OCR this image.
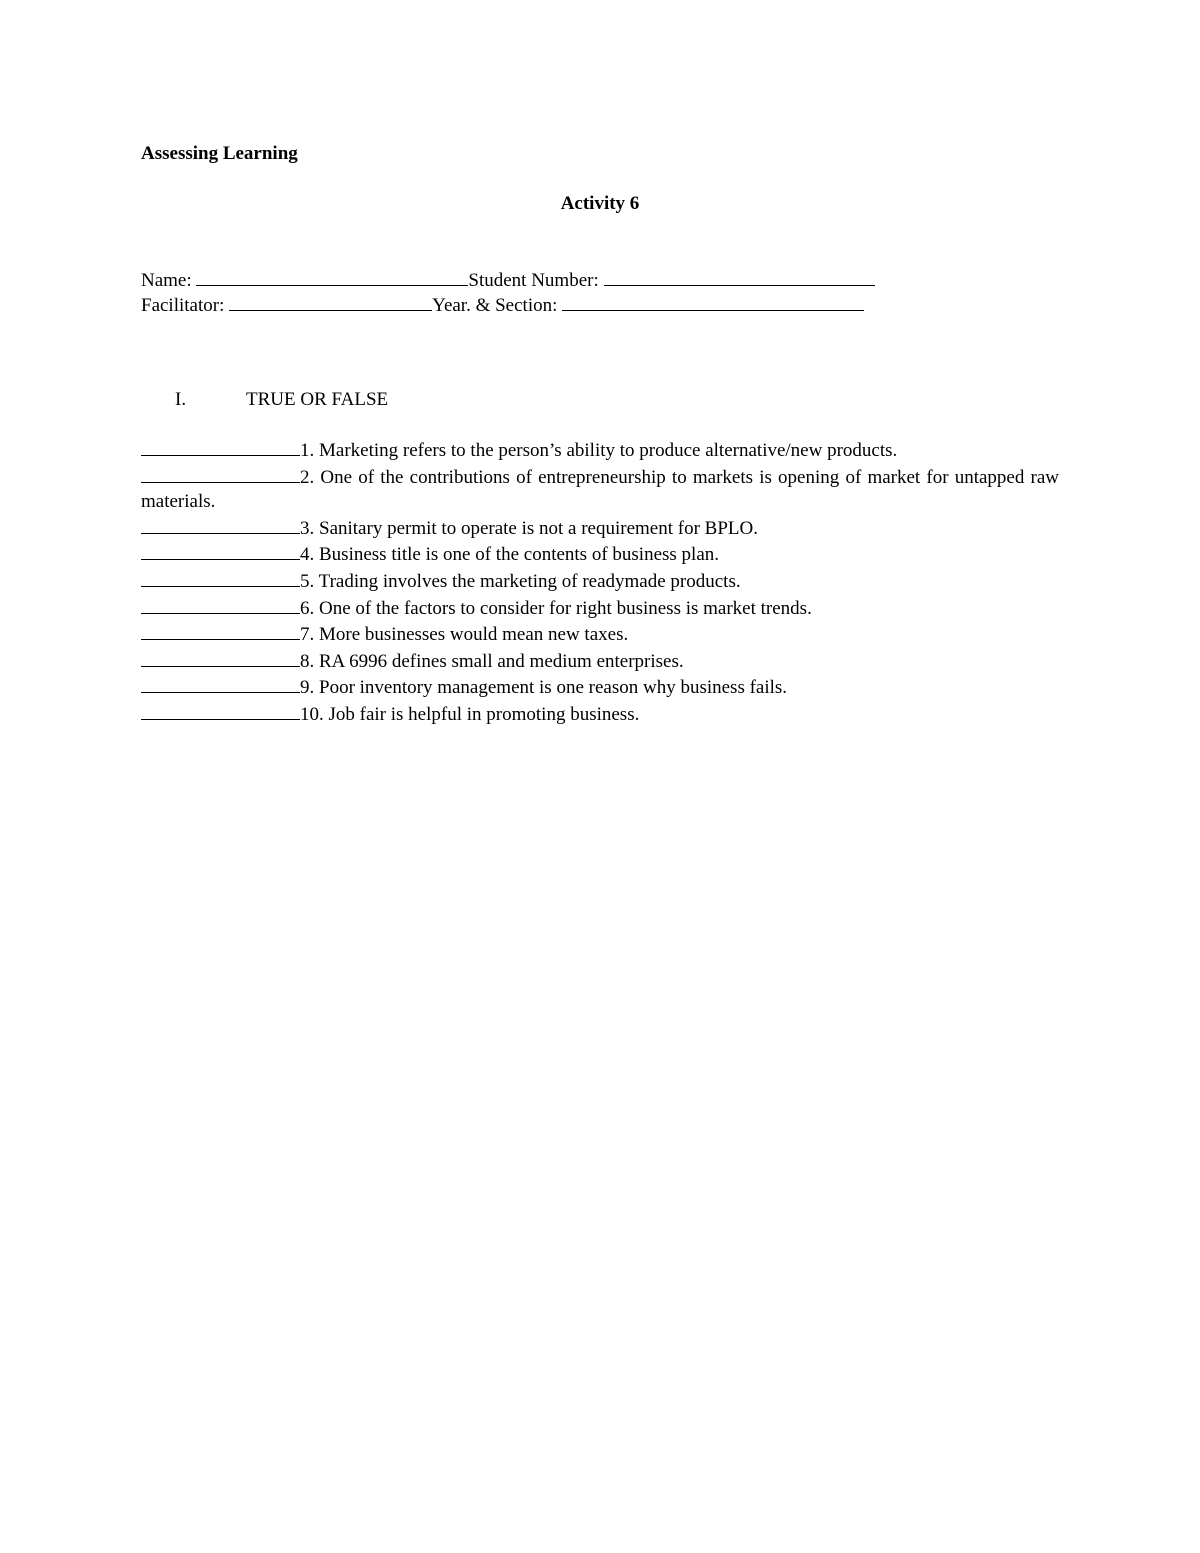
Assessing Learning
Activity 6
Name:	Student Number:
Facilitator:	Year. & Section:
I.	TRUE OR FALSE
1. Marketing refers to the person’s ability to produce alternative/new products.
2. One of the contributions of entrepreneurship to markets is opening of market for untapped raw materials.
3. Sanitary permit to operate is not a requirement for BPLO.
4. Business title is one of the contents of business plan.
5. Trading involves the marketing of readymade products.
6. One of the factors to consider for right business is market trends.
7. More businesses would mean new taxes.
8. RA 6996 defines small and medium enterprises.
9. Poor inventory management is one reason why business fails.
10. Job fair is helpful in promoting business.
